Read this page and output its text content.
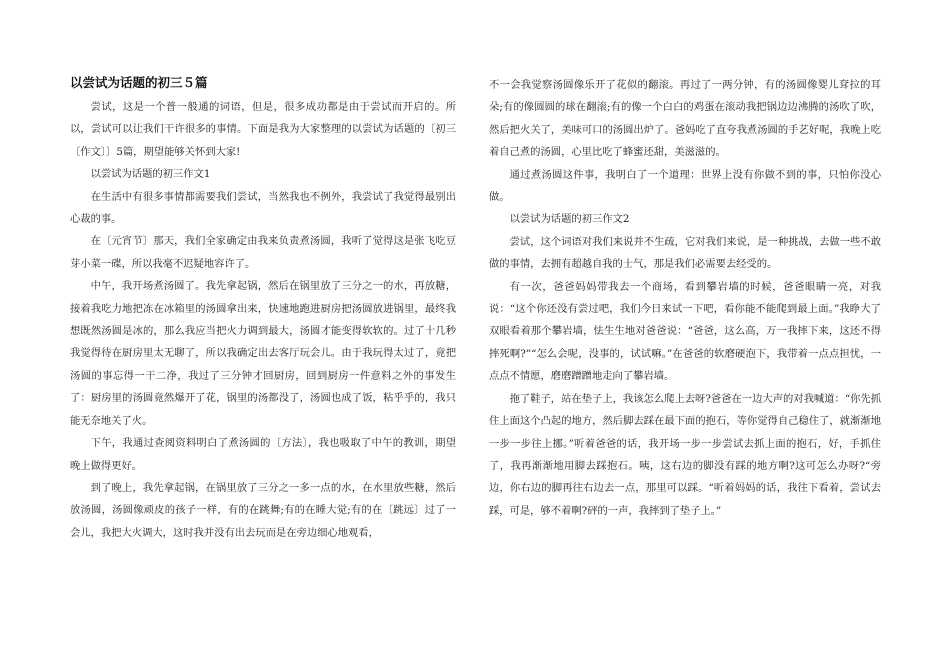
以尝试为话题的初三５篇

尝试，这是一个普一般通的词语，但是，很多成功都是由于尝试而开启的。所以，尝试可以让我们干许很多的事情。下面是我为大家整理的以尝试为话题的〔初三〔作文〕〕5篇，期望能够关怀到大家!

以尝试为话题的初三作文1

在生活中有很多事情都需要我们尝试，当然我也不例外，我尝试了我觉得最别出心裁的事。

在〔元宵节〕那天，我们全家确定由我来负责煮汤圆，我听了觉得这是张飞吃豆芽小菜一碟，所以我毫不迟疑地容许了。

中午，我开场煮汤圆了。我先拿起锅，然后在锅里放了三分之一的水，再放糖，接着我吃力地把冻在冰箱里的汤圆拿出来，快速地跑进厨房把汤圆放进锅里，最终我想既然汤圆是冰的，那么我应当把火力调到最大，汤圆才能变得软软的。过了十几秒我觉得待在厨房里太无聊了，所以我确定出去客厅玩会儿。由于我玩得太过了，竟把汤圆的事忘得一干二净，我过了三分钟才回厨房，回到厨房一件意料之外的事发生了：厨房里的汤圆竟然爆开了花，锅里的汤都没了，汤圆也成了饭，粘乎乎的，我只能无奈地关了火。

下午，我通过查阅资料明白了煮汤圆的〔方法〕，我也吸取了中午的教训，期望晚上做得更好。

到了晚上，我先拿起锅，在锅里放了三分之一多一点的水，在水里放些糖，然后放汤圆，汤圆像顽皮的孩子一样，有的在跳舞;有的在睡大觉;有的在〔跳远〕过了一会儿，我把大火调大，这时我并没有出去玩而是在旁边细心地观看，

不一会我觉察汤圆像乐开了花似的翻滚。再过了一两分钟，有的汤圆像婴儿耷拉的耳朵;有的像圆圆的球在翻滚;有的像一个白白的鸡蛋在滚动我把锅边边沸腾的汤吹了吹，然后把火关了，美味可口的汤圆出炉了。爸妈吃了直夸我煮汤圆的手艺好呢，我晚上吃着自己煮的汤圆，心里比吃了蜂蜜还甜，美滋滋的。

通过煮汤圆这件事，我明白了一个道理：世界上没有你做不到的事，只怕你没心做。

以尝试为话题的初三作文2

尝试，这个词语对我们来说并不生疏，它对我们来说，是一种挑战，去做一些不敢做的事情，去拥有超越自我的士气，那是我们必需要去经受的。

有一次，爸爸妈妈带我去一个商场，看到攀岩墙的时候，爸爸眼睛一亮，对我说：“这个你还没有尝过吧，我们今日来试一下吧，看你能不能爬到最上面。”我睁大了双眼看着那个攀岩墙，怯生生地对爸爸说：“爸爸，这么高，万一我摔下来，这还不得摔死啊?”“怎么会呢，没事的，试试嘛。”在爸爸的软磨硬泡下，我带着一点点担忧，一点点不情愿，磨磨蹭蹭地走向了攀岩墙。

拖了鞋子，站在垫子上，我该怎么爬上去呀?爸爸在一边大声的对我喊道：“你先抓住上面这个凸起的地方，然后脚去踩在最下面的抱石，等你觉得自己稳住了，就渐渐地一步一步往上挪。”听着爸爸的话，我开场一步一步尝试去抓上面的抱石，好，手抓住了，我再渐渐地用脚去踩抱石。咦，这右边的脚没有踩的地方啊?这可怎么办呀?“旁边，你右边的脚再往右边去一点，那里可以踩。“听着妈妈的话，我往下看着，尝试去踩，可是，够不着啊?砰的一声，我摔到了垫子上。”
